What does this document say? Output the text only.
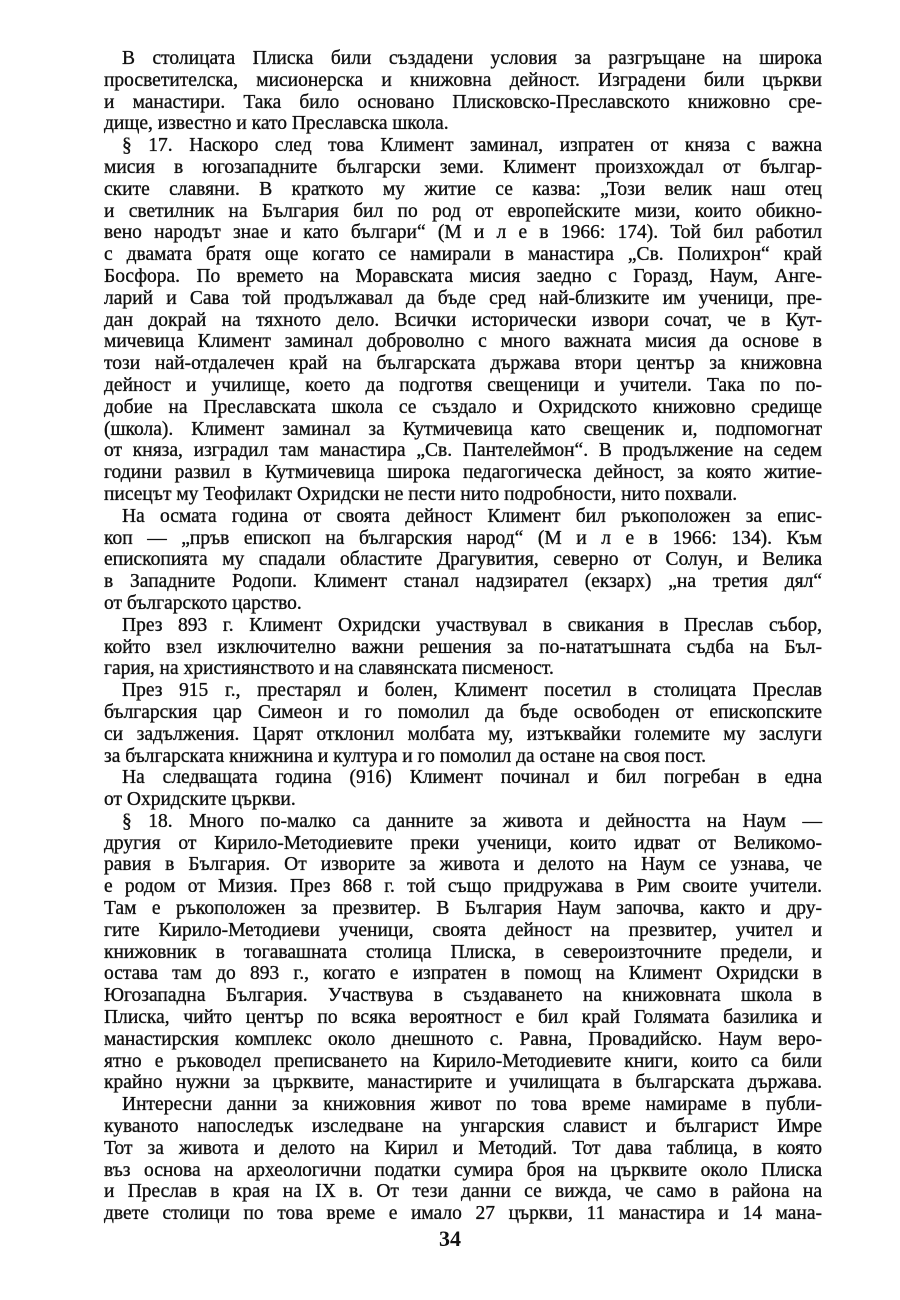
В столицата Плиска били създадени условия за разгръщане на широка
просветителска, мисионерска и книжовна дейност. Изградени били църкви
и манастири. Така било основано Плисковско-Преславското книжовно сре-
дище, известно и като Преславска школа.
§ 17. Наскоро след това Климент заминал, изпратен от княза с важна
мисия в югозападните български земи. Климент произхождал от българ-
ските славяни. В краткото му житие се казва: „Този велик наш отец
и светилник на България бил по род от европейските мизи, които обикно-
вено народът знае и като българи“ (М и л е в 1966: 174). Той бил работил
с двамата братя още когато се намирали в манастира „Св. Полихрон“ край
Босфора. По времето на Моравската мисия заедно с Горазд, Наум, Анге-
ларий и Сава той продължавал да бъде сред най-близките им ученици, пре-
дан докрай на тяхното дело. Всички исторически извори сочат, че в Кут-
мичевица Климент заминал доброволно с много важната мисия да основе в
този най-отдалечен край на българската държава втори център за книжовна
дейност и училище, което да подготвя свещеници и учители. Така по по-
добие на Преславската школа се създало и Охридското книжовно средище
(школа). Климент заминал за Кутмичевица като свещеник и, подпомогнат
от княза, изградил там манастира „Св. Пантелеймон“. В продължение на седем
години развил в Кутмичевица широка педагогическа дейност, за която житие-
писецът му Теофилакт Охридски не пести нито подробности, нито похвали.
На осмата година от своята дейност Климент бил ръкоположен за епис-
коп — „пръв епископ на българския народ“ (М и л е в 1966: 134). Към
епископията му спадали областите Драгувития, северно от Солун, и Велика
в Западните Родопи. Климент станал надзирател (екзарх) „на третия дял“
от българското царство.
През 893 г. Климент Охридски участвувал в свикания в Преслав събор,
който взел изключително важни решения за по-нататъшната съдба на Бъл-
гария, на християнството и на славянската писменост.
През 915 г., престарял и болен, Климент посетил в столицата Преслав
българския цар Симеон и го помолил да бъде освободен от епископските
си задължения. Царят отклонил молбата му, изтъквайки големите му заслуги
за българската книжнина и култура и го помолил да остане на своя пост.
На следващата година (916) Климент починал и бил погребан в една
от Охридските църкви.
§ 18. Много по-малко са данните за живота и дейността на Наум —
другия от Кирило-Методиевите преки ученици, които идват от Великомо-
равия в България. От изворите за живота и делото на Наум се узнава, че
е родом от Мизия. През 868 г. той също придружава в Рим своите учители.
Там е ръкоположен за презвитер. В България Наум започва, както и дру-
гите Кирило-Методиеви ученици, своята дейност на презвитер, учител и
книжовник в тогавашната столица Плиска, в североизточните предели, и
остава там до 893 г., когато е изпратен в помощ на Климент Охридски в
Югозападна България. Участвува в създаването на книжовната школа в
Плиска, чийто център по всяка вероятност е бил край Голямата базилика и
манастирския комплекс около днешното с. Равна, Провадийско. Наум веро-
ятно е ръководел преписването на Кирило-Методиевите книги, които са били
крайно нужни за църквите, манастирите и училищата в българската държава.
Интересни данни за книжовния живот по това време намираме в публи-
куваното напоследък изследване на унгарския славист и българист Имре
Тот за живота и делото на Кирил и Методий. Тот дава таблица, в която
въз основа на археологични податки сумира броя на църквите около Плиска
и Преслав в края на IX в. От тези данни се вижда, че само в района на
двете столици по това време е имало 27 църкви, 11 манастира и 14 мана-
34
